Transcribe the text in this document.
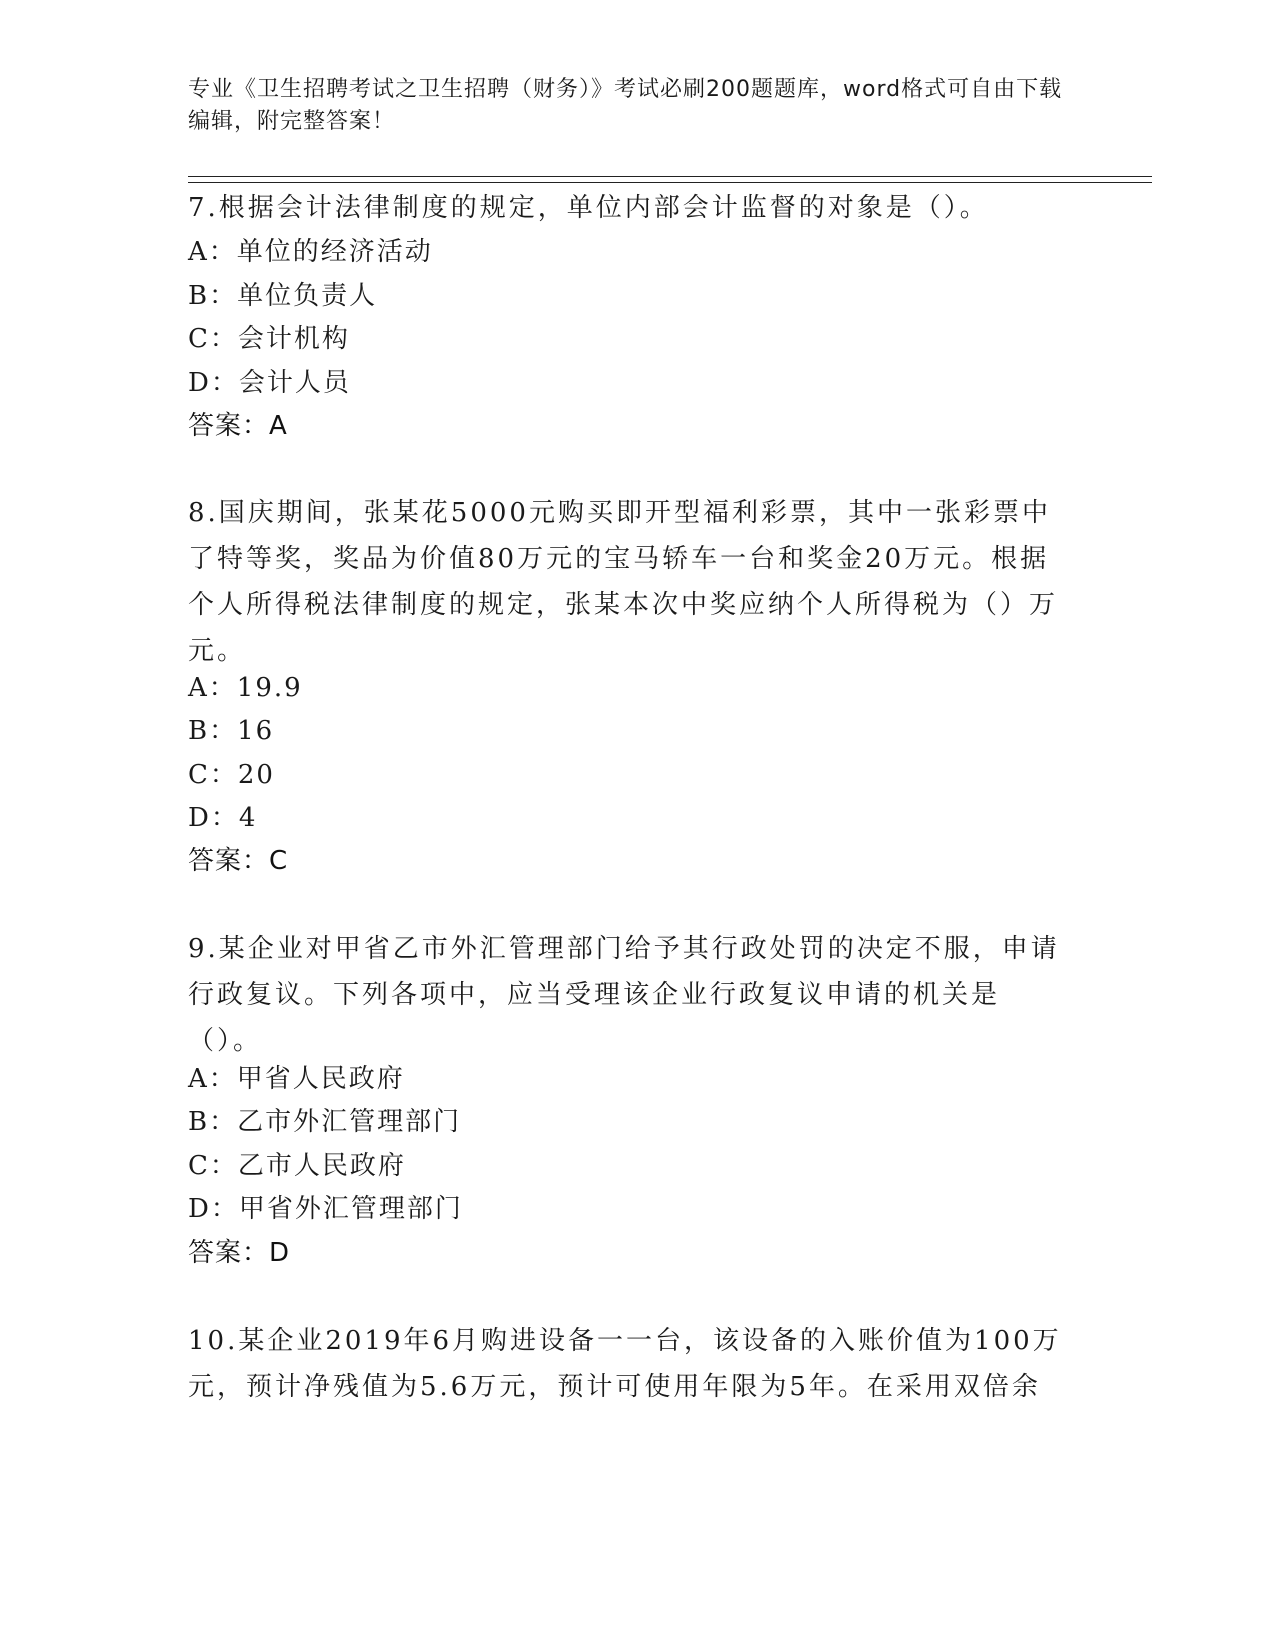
专业《卫生招聘考试之卫生招聘（财务）》考试必刷200题题库，word格式可自由下载编辑，附完整答案！
7.根据会计法律制度的规定，单位内部会计监督的对象是（）。
A：单位的经济活动
B：单位负责人
C：会计机构
D：会计人员
答案：A
8.国庆期间，张某花5000元购买即开型福利彩票，其中一张彩票中了特等奖，奖品为价值80万元的宝马轿车一台和奖金20万元。根据个人所得税法律制度的规定，张某本次中奖应纳个人所得税为（）万元。
A：19.9
B：16
C：20
D：4
答案：C
9.某企业对甲省乙市外汇管理部门给予其行政处罚的决定不服，申请行政复议。下列各项中，应当受理该企业行政复议申请的机关是（）。
A：甲省人民政府
B：乙市外汇管理部门
C：乙市人民政府
D：甲省外汇管理部门
答案：D
10.某企业2019年6月购进设备一一台，该设备的入账价值为100万元，预计净残值为5.6万元，预计可使用年限为5年。在采用双倍余
